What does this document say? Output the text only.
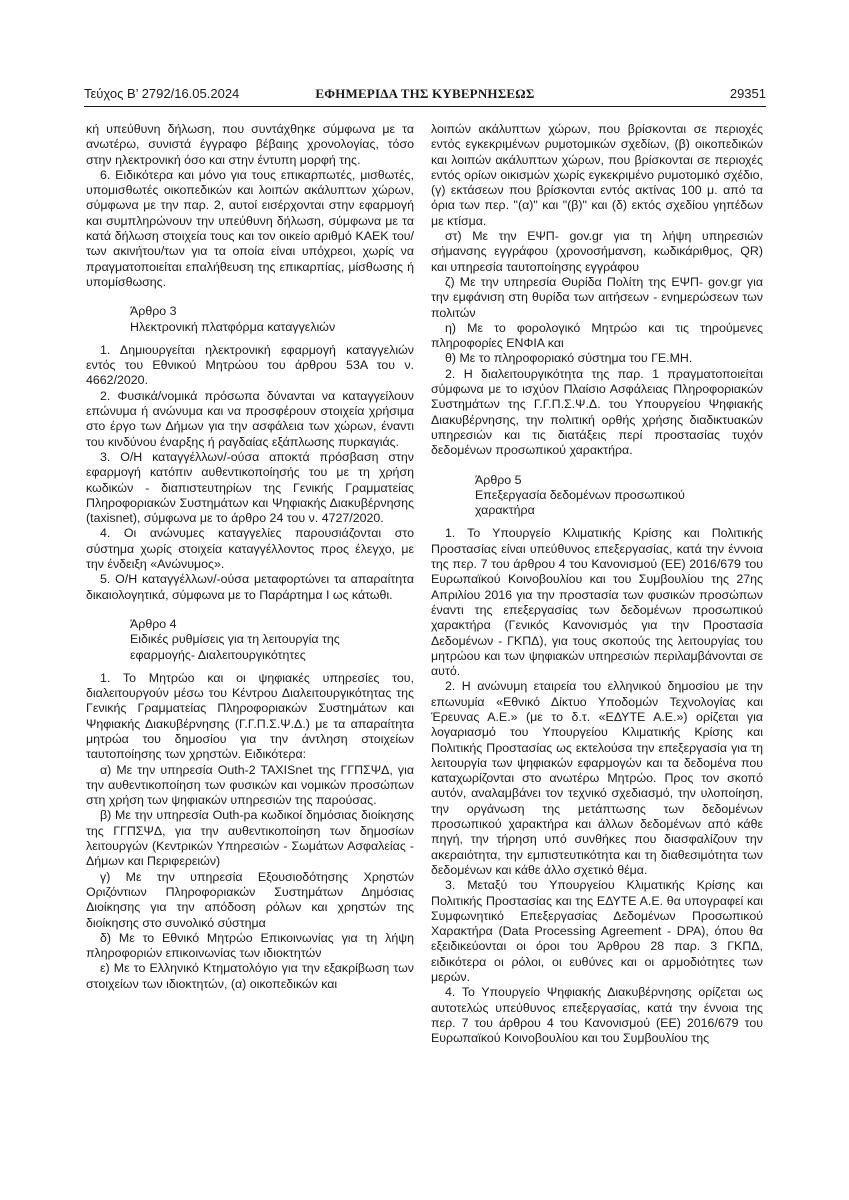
Τεύχος B’ 2792/16.05.2024	ΕΦΗΜΕΡΙΔΑ ΤΗΣ ΚΥΒΕΡΝΗΣΕΩΣ	29351

κή υπεύθυνη δήλωση, που συντάχθηκε σύμφωνα με τα ανωτέρω, συνιστά έγγραφο βέβαιης χρονολογίας, τόσο στην ηλεκτρονική όσο και στην έντυπη μορφή της.

6. Ειδικότερα και μόνο για τους επικαρπωτές, μισθωτές, υπομισθωτές οικοπεδικών και λοιπών ακάλυπτων χώρων, σύμφωνα με την παρ. 2, αυτοί εισέρχονται στην εφαρμογή και συμπληρώνουν την υπεύθυνη δήλωση, σύμφωνα με τα κατά δήλωση στοιχεία τους και τον οικείο αριθμό ΚΑΕΚ του/των ακινήτου/των για τα οποία είναι υπόχρεοι, χωρίς να πραγματοποιείται επαλήθευση της επικαρπίας, μίσθωσης ή υπομίσθωσης.

Άρθρο 3
Ηλεκτρονική πλατφόρμα καταγγελιών

1. Δημιουργείται ηλεκτρονική εφαρμογή καταγγελιών εντός του Εθνικού Μητρώου του άρθρου 53Α του ν. 4662/2020.

2. Φυσικά/νομικά πρόσωπα δύνανται να καταγγείλουν επώνυμα ή ανώνυμα και να προσφέρουν στοιχεία χρήσιμα στο έργο των Δήμων για την ασφάλεια των χώρων, έναντι του κινδύνου έναρξης ή ραγδαίας εξάπλωσης πυρκαγιάς.

3. Ο/Η καταγγέλλων/-ούσα αποκτά πρόσβαση στην εφαρμογή κατόπιν αυθεντικοποίησής του με τη χρήση κωδικών - διαπιστευτηρίων της Γενικής Γραμματείας Πληροφοριακών Συστημάτων και Ψηφιακής Διακυβέρνησης (taxisnet), σύμφωνα με το άρθρο 24 του ν. 4727/2020.

4. Οι ανώνυμες καταγγελίες παρουσιάζονται στο σύστημα χωρίς στοιχεία καταγγέλλοντος προς έλεγχο, με την ένδειξη «Ανώνυμος».

5. Ο/Η καταγγέλλων/-ούσα μεταφορτώνει τα απαραίτητα δικαιολογητικά, σύμφωνα με το Παράρτημα Ι ως κάτωθι.

Άρθρο 4
Ειδικές ρυθμίσεις για τη λειτουργία της
εφαρμογής- Διαλειτουργικότητες

1. Το Μητρώο και οι ψηφιακές υπηρεσίες του, διαλειτουργούν μέσω του Κέντρου Διαλειτουργικότητας της Γενικής Γραμματείας Πληροφοριακών Συστημάτων και Ψηφιακής Διακυβέρνησης (Γ.Γ.Π.Σ.Ψ.Δ.) με τα απαραίτητα μητρώα του δημοσίου για την άντληση στοιχείων ταυτοποίησης των χρηστών. Ειδικότερα:

α) Με την υπηρεσία Outh-2 TAXISnet της ΓΓΠΣΨΔ, για την αυθεντικοποίηση των φυσικών και νομικών προσώπων στη χρήση των ψηφιακών υπηρεσιών της παρούσας.

β) Με την υπηρεσία Outh-pa κωδικοί δημόσιας διοίκησης της ΓΓΠΣΨΔ, για την αυθεντικοποίηση των δημοσίων λειτουργών (Κεντρικών Υπηρεσιών - Σωμάτων Ασφαλείας - Δήμων και Περιφερειών)

γ) Με την υπηρεσία Εξουσιοδότησης Χρηστών Οριζόντιων Πληροφοριακών Συστημάτων Δημόσιας Διοίκησης για την απόδοση ρόλων και χρηστών της διοίκησης στο συνολικό σύστημα

δ) Με το Εθνικό Μητρώο Επικοινωνίας για τη λήψη πληροφοριών επικοινωνίας των ιδιοκτητών

ε) Με το Ελληνικό Κτηματολόγιο για την εξακρίβωση των στοιχείων των ιδιοκτητών, (α) οικοπεδικών και

λοιπών ακάλυπτων χώρων, που βρίσκονται σε περιοχές εντός εγκεκριμένων ρυμοτομικών σχεδίων, (β) οικοπεδικών και λοιπών ακάλυπτων χώρων, που βρίσκονται σε περιοχές εντός ορίων οικισμών χωρίς εγκεκριμένο ρυμοτομικό σχέδιο, (γ) εκτάσεων που βρίσκονται εντός ακτίνας 100 μ. από τα όρια των περ. "(α)" και "(β)" και (δ) εκτός σχεδίου γηπέδων με κτίσμα.

στ) Με την ΕΨΠ- gov.gr για τη λήψη υπηρεσιών σήμανσης εγγράφου (χρονοσήμανση, κωδικάριθμος, QR) και υπηρεσία ταυτοποίησης εγγράφου

ζ) Με την υπηρεσία Θυρίδα Πολίτη της ΕΨΠ- gov.gr για την εμφάνιση στη θυρίδα των αιτήσεων - ενημερώσεων των πολιτών

η) Με το φορολογικό Μητρώο και τις τηρούμενες πληροφορίες ΕΝΦΙΑ και

θ) Με το πληροφοριακό σύστημα του ΓΕ.ΜΗ.

2. Η διαλειτουργικότητα της παρ. 1 πραγματοποιείται σύμφωνα με το ισχύον Πλαίσιο Ασφάλειας Πληροφοριακών Συστημάτων της Γ.Γ.Π.Σ.Ψ.Δ. του Υπουργείου Ψηφιακής Διακυβέρνησης, την πολιτική ορθής χρήσης διαδικτυακών υπηρεσιών και τις διατάξεις περί προστασίας τυχόν δεδομένων προσωπικού χαρακτήρα.

Άρθρο 5
Επεξεργασία δεδομένων προσωπικού
χαρακτήρα

1. Το Υπουργείο Κλιματικής Κρίσης και Πολιτικής Προστασίας είναι υπεύθυνος επεξεργασίας, κατά την έννοια της περ. 7 του άρθρου 4 του Κανονισμού (ΕΕ) 2016/679 του Ευρωπαϊκού Κοινοβουλίου και του Συμβουλίου της 27ης Απριλίου 2016 για την προστασία των φυσικών προσώπων έναντι της επεξεργασίας των δεδομένων προσωπικού χαρακτήρα (Γενικός Κανονισμός για την Προστασία Δεδομένων - ΓΚΠΔ), για τους σκοπούς της λειτουργίας του μητρώου και των ψηφιακών υπηρεσιών περιλαμβάνονται σε αυτό.

2. Η ανώνυμη εταιρεία του ελληνικού δημοσίου με την επωνυμία «Εθνικό Δίκτυο Υποδομών Τεχνολογίας και Έρευνας Α.Ε.» (με το δ.τ. «ΕΔΥΤΕ Α.Ε.») ορίζεται για λογαριασμό του Υπουργείου Κλιματικής Κρίσης και Πολιτικής Προστασίας ως εκτελούσα την επεξεργασία για τη λειτουργία των ψηφιακών εφαρμογών και τα δεδομένα που καταχωρίζονται στο ανωτέρω Μητρώο. Προς τον σκοπό αυτόν, αναλαμβάνει τον τεχνικό σχεδιασμό, την υλοποίηση, την οργάνωση της μετάπτωσης των δεδομένων προσωπικού χαρακτήρα και άλλων δεδομένων από κάθε πηγή, την τήρηση υπό συνθήκες που διασφαλίζουν την ακεραιότητα, την εμπιστευτικότητα και τη διαθεσιμότητα των δεδομένων και κάθε άλλο σχετικό θέμα.

3. Μεταξύ του Υπουργείου Κλιματικής Κρίσης και Πολιτικής Προστασίας και της ΕΔΥΤΕ Α.Ε. θα υπογραφεί και Συμφωνητικό Επεξεργασίας Δεδομένων Προσωπικού Χαρακτήρα (Data Processing Agreement - DPA), όπου θα εξειδικεύονται οι όροι του Άρθρου 28 παρ. 3 ΓΚΠΔ, ειδικότερα οι ρόλοι, οι ευθύνες και οι αρμοδιότητες των μερών.

4. Το Υπουργείο Ψηφιακής Διακυβέρνησης ορίζεται ως αυτοτελώς υπεύθυνος επεξεργασίας, κατά την έννοια της περ. 7 του άρθρου 4 του Κανονισμού (ΕΕ) 2016/679 του Ευρωπαϊκού Κοινοβουλίου και του Συμβουλίου της
